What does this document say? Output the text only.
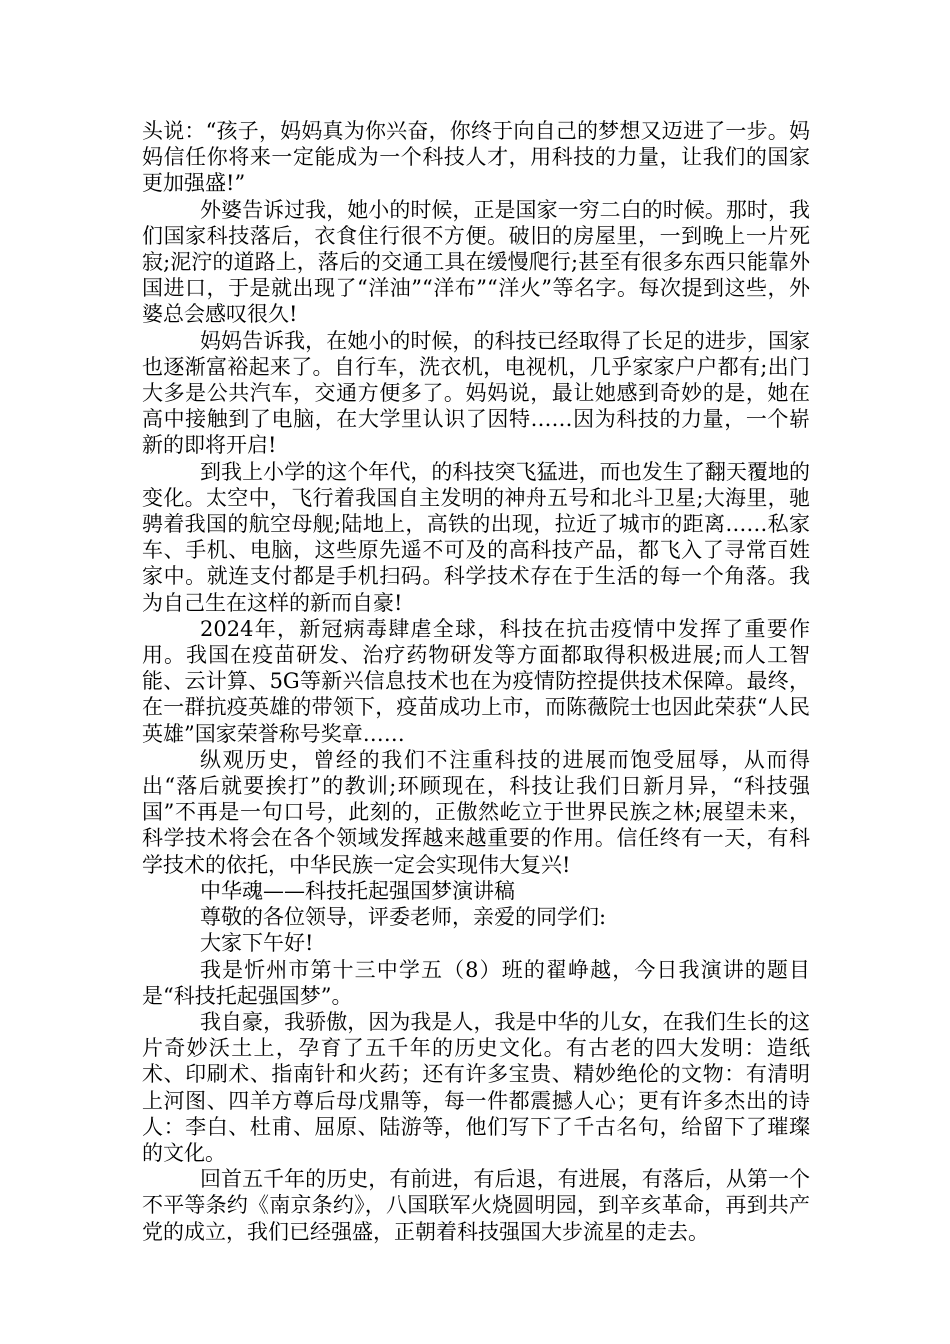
头说：“孩子，妈妈真为你兴奋，你终于向自己的梦想又迈进了一步。妈妈信任你将来一定能成为一个科技人才，用科技的力量，让我们的国家更加强盛!”

外婆告诉过我，她小的时候，正是国家一穷二白的时候。那时，我们国家科技落后，衣食住行很不方便。破旧的房屋里，一到晚上一片死寂;泥泞的道路上，落后的交通工具在缓慢爬行;甚至有很多东西只能靠外国进口，于是就出现了“洋油”“洋布”“洋火”等名字。每次提到这些，外婆总会感叹很久!

妈妈告诉我，在她小的时候，的科技已经取得了长足的进步，国家也逐渐富裕起来了。自行车，洗衣机，电视机，几乎家家户户都有;出门大多是公共汽车，交通方便多了。妈妈说，最让她感到奇妙的是，她在高中接触到了电脑，在大学里认识了因特……因为科技的力量，一个崭新的即将开启!

到我上小学的这个年代，的科技突飞猛进，而也发生了翻天覆地的变化。太空中，飞行着我国自主发明的神舟五号和北斗卫星;大海里，驰骋着我国的航空母舰;陆地上，高铁的出现，拉近了城市的距离……私家车、手机、电脑，这些原先遥不可及的高科技产品，都飞入了寻常百姓家中。就连支付都是手机扫码。科学技术存在于生活的每一个角落。我为自己生在这样的新而自豪!

2024年，新冠病毒肆虐全球，科技在抗击疫情中发挥了重要作用。我国在疫苗研发、治疗药物研发等方面都取得积极进展;而人工智能、云计算、5G等新兴信息技术也在为疫情防控提供技术保障。最终，在一群抗疫英雄的带领下，疫苗成功上市，而陈薇院士也因此荣获“人民英雄”国家荣誉称号奖章……

纵观历史，曾经的我们不注重科技的进展而饱受屈辱，从而得出“落后就要挨打”的教训;环顾现在，科技让我们日新月异，“科技强国”不再是一句口号，此刻的，正傲然屹立于世界民族之林;展望未来，科学技术将会在各个领域发挥越来越重要的作用。信任终有一天，有科学技术的依托，中华民族一定会实现伟大复兴!

中华魂——科技托起强国梦演讲稿

尊敬的各位领导，评委老师，亲爱的同学们:

大家下午好!

我是忻州市第十三中学五（8）班的翟峥越，今日我演讲的题目是“科技托起强国梦”。

我自豪，我骄傲，因为我是人，我是中华的儿女，在我们生长的这片奇妙沃土上，孕育了五千年的历史文化。有古老的四大发明：造纸术、印刷术、指南针和火药；还有许多宝贵、精妙绝伦的文物：有清明上河图、四羊方尊后母戊鼎等，每一件都震撼人心；更有许多杰出的诗人：李白、杜甫、屈原、陆游等，他们写下了千古名句，给留下了璀璨的文化。

回首五千年的历史，有前进，有后退，有进展，有落后，从第一个不平等条约《南京条约》，八国联军火烧圆明园，到辛亥革命，再到共产党的成立，我们已经强盛，正朝着科技强国大步流星的走去。
